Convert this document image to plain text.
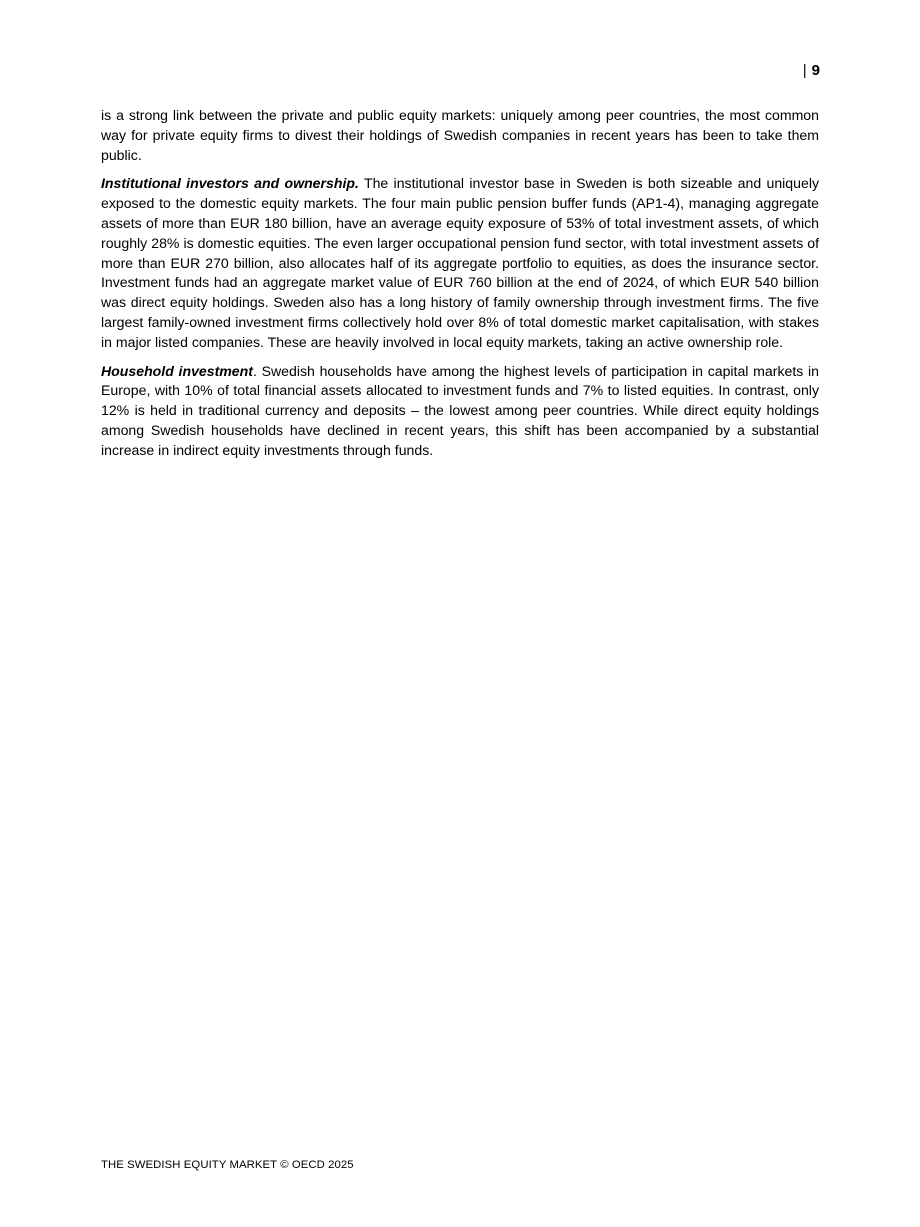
| 9

is a strong link between the private and public equity markets: uniquely among peer countries, the most common way for private equity firms to divest their holdings of Swedish companies in recent years has been to take them public.

Institutional investors and ownership. The institutional investor base in Sweden is both sizeable and uniquely exposed to the domestic equity markets. The four main public pension buffer funds (AP1-4), managing aggregate assets of more than EUR 180 billion, have an average equity exposure of 53% of total investment assets, of which roughly 28% is domestic equities. The even larger occupational pension fund sector, with total investment assets of more than EUR 270 billion, also allocates half of its aggregate portfolio to equities, as does the insurance sector. Investment funds had an aggregate market value of EUR 760 billion at the end of 2024, of which EUR 540 billion was direct equity holdings. Sweden also has a long history of family ownership through investment firms. The five largest family-owned investment firms collectively hold over 8% of total domestic market capitalisation, with stakes in major listed companies. These are heavily involved in local equity markets, taking an active ownership role.

Household investment. Swedish households have among the highest levels of participation in capital markets in Europe, with 10% of total financial assets allocated to investment funds and 7% to listed equities. In contrast, only 12% is held in traditional currency and deposits – the lowest among peer countries. While direct equity holdings among Swedish households have declined in recent years, this shift has been accompanied by a substantial increase in indirect equity investments through funds.

THE SWEDISH EQUITY MARKET © OECD 2025
